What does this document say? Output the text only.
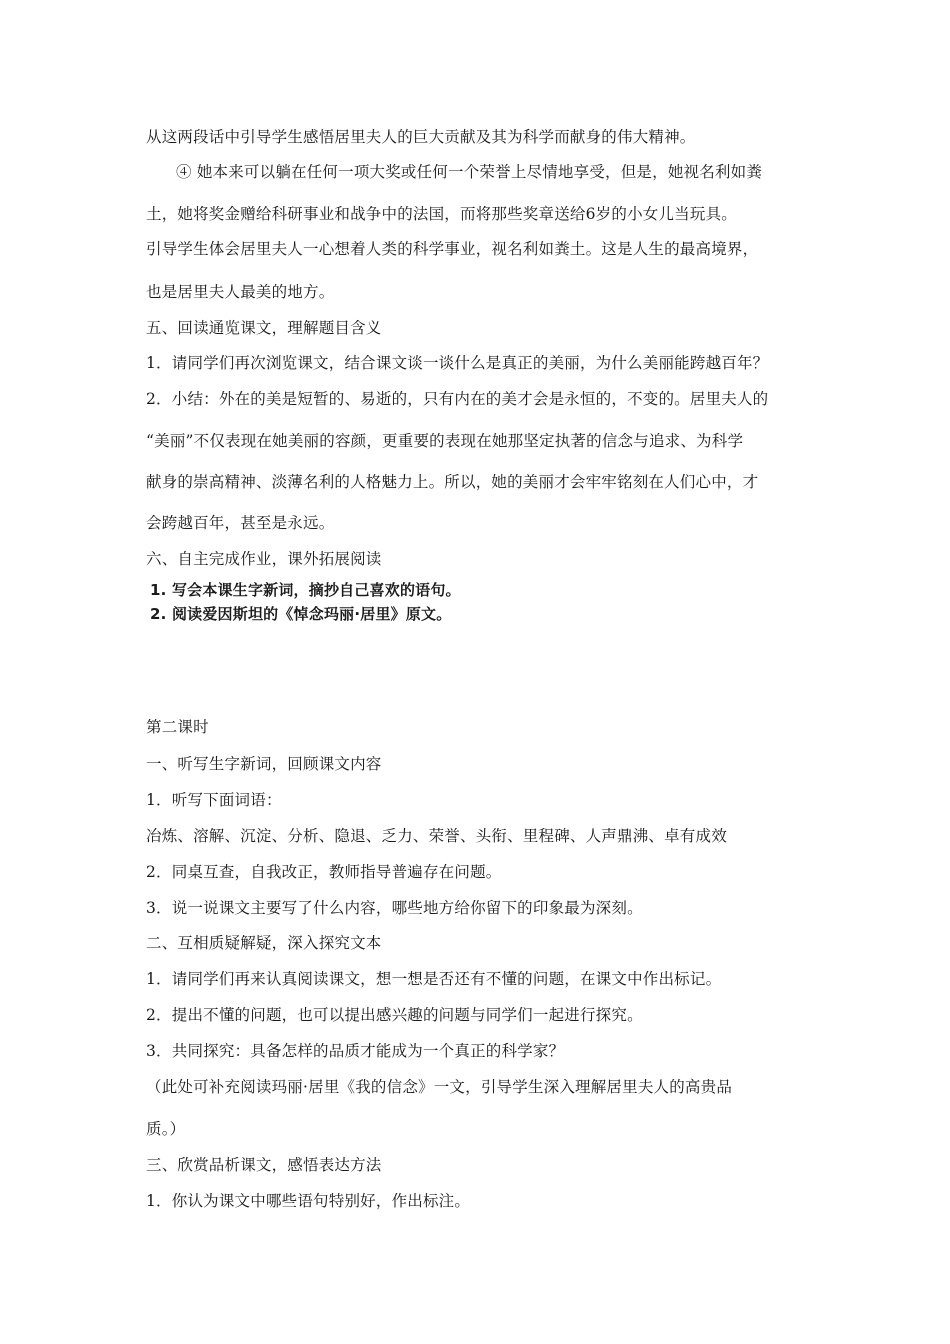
从这两段话中引导学生感悟居里夫人的巨大贡献及其为科学而献身的伟大精神。
④ 她本来可以躺在任何一项大奖或任何一个荣誉上尽情地享受，但是，她视名利如粪
土，她将奖金赠给科研事业和战争中的法国，而将那些奖章送给6岁的小女儿当玩具。
引导学生体会居里夫人一心想着人类的科学事业，视名利如粪土。这是人生的最高境界，
也是居里夫人最美的地方。
五、回读通览课文，理解题目含义
1．请同学们再次浏览课文，结合课文谈一谈什么是真正的美丽，为什么美丽能跨越百年？
2．小结：外在的美是短暂的、易逝的，只有内在的美才会是永恒的，不变的。居里夫人的
“美丽”不仅表现在她美丽的容颜，更重要的表现在她那坚定执著的信念与追求、为科学
献身的崇高精神、淡薄名利的人格魅力上。所以，她的美丽才会牢牢铭刻在人们心中，才
会跨越百年，甚至是永远。
六、自主完成作业，课外拓展阅读
1. 写会本课生字新词，摘抄自己喜欢的语句。
2. 阅读爱因斯坦的《悼念玛丽·居里》原文。
第二课时
一、听写生字新词，回顾课文内容
1．听写下面词语：
冶炼、溶解、沉淀、分析、隐退、乏力、荣誉、头衔、里程碑、人声鼎沸、卓有成效
2．同桌互查，自我改正，教师指导普遍存在问题。
3．说一说课文主要写了什么内容，哪些地方给你留下的印象最为深刻。
二、互相质疑解疑，深入探究文本
1．请同学们再来认真阅读课文，想一想是否还有不懂的问题，在课文中作出标记。
2．提出不懂的问题，也可以提出感兴趣的问题与同学们一起进行探究。
3．共同探究：具备怎样的品质才能成为一个真正的科学家？
（此处可补充阅读玛丽·居里《我的信念》一文，引导学生深入理解居里夫人的高贵品
质。）
三、欣赏品析课文，感悟表达方法
1．你认为课文中哪些语句特别好，作出标注。
